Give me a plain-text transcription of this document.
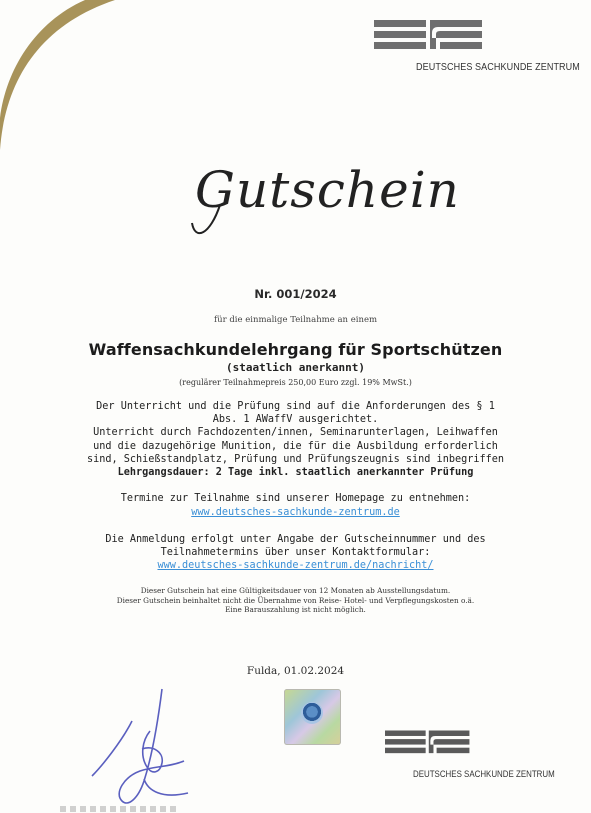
DEUTSCHES SACHKUNDE ZENTRUM
Gutschein
Nr. 001/2024
für die einmalige Teilnahme an einem
Waffensachkundelehrgang für Sportschützen
(staatlich anerkannt)
(regulärer Teilnahmepreis 250,00 Euro zzgl. 19% MwSt.)
Der Unterricht und die Prüfung sind auf die Anforderungen des § 1 Abs. 1 AWaffV ausgerichtet.
Unterricht durch Fachdozenten/innen, Seminarunterlagen, Leihwaffen und die dazugehörige Munition, die für die Ausbildung erforderlich sind, Schießstandplatz, Prüfung und Prüfungszeugnis sind inbegriffen
Lehrgangsdauer: 2 Tage inkl. staatlich anerkannter Prüfung
Termine zur Teilnahme sind unserer Homepage zu entnehmen:
www.deutsches-sachkunde-zentrum.de
Die Anmeldung erfolgt unter Angabe der Gutscheinnummer und des Teilnahmetermins über unser Kontaktformular:
www.deutsches-sachkunde-zentrum.de/nachricht/
Dieser Gutschein hat eine Gültigkeitsdauer von 12 Monaten ab Ausstellungsdatum.
Dieser Gutschein beinhaltet nicht die Übernahme von Reise- Hotel- und Verpflegungskosten o.ä.
Eine Barauszahlung ist nicht möglich.
Fulda, 01.02.2024
DEUTSCHES SACHKUNDE ZENTRUM
